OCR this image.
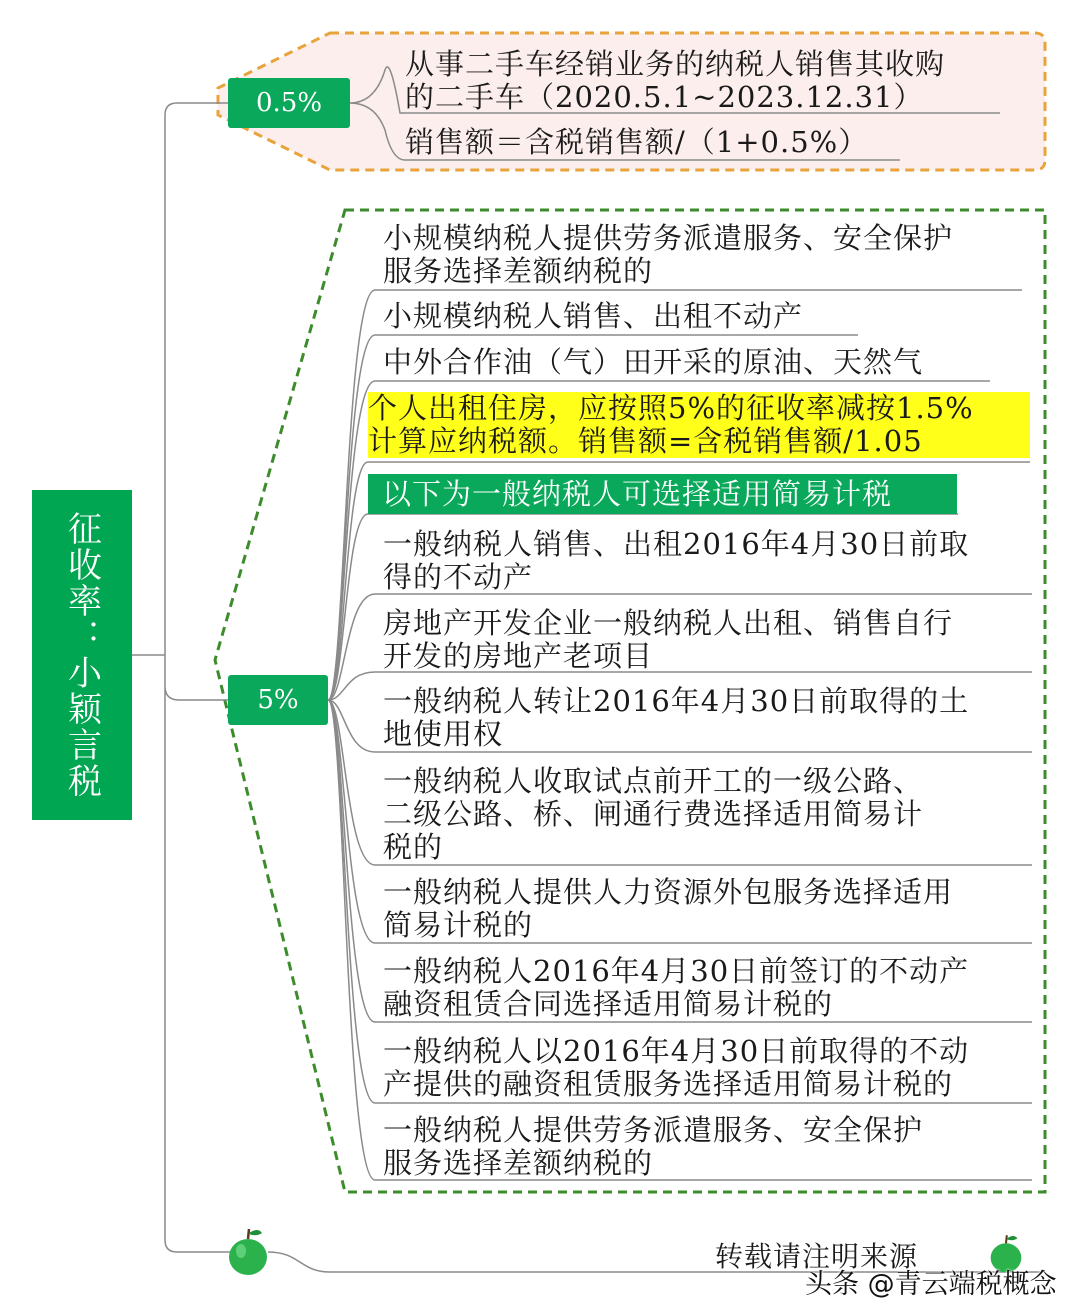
征收率：小颖言税
0.5%
5%
从事二手车经销业务的纳税人销售其收购
的二手车（2020.5.1~2023.12.31）
销售额＝含税销售额/（1+0.5%）
小规模纳税人提供劳务派遣服务、安全保护
服务选择差额纳税的
小规模纳税人销售、出租不动产
中外合作油（气）田开采的原油、天然气
个人出租住房，应按照5%的征收率减按1.5%
计算应纳税额。销售额=含税销售额/1.05
以下为一般纳税人可选择适用简易计税
一般纳税人销售、出租2016年4月30日前取
得的不动产
房地产开发企业一般纳税人出租、销售自行
开发的房地产老项目
一般纳税人转让2016年4月30日前取得的土
地使用权
一般纳税人收取试点前开工的一级公路、
二级公路、桥、闸通行费选择适用简易计
税的
一般纳税人提供人力资源外包服务选择适用
简易计税的
一般纳税人2016年4月30日前签订的不动产
融资租赁合同选择适用简易计税的
一般纳税人以2016年4月30日前取得的不动
产提供的融资租赁服务选择适用简易计税的
一般纳税人提供劳务派遣服务、安全保护
服务选择差额纳税的
转载请注明来源
头条 @青云端税概念
